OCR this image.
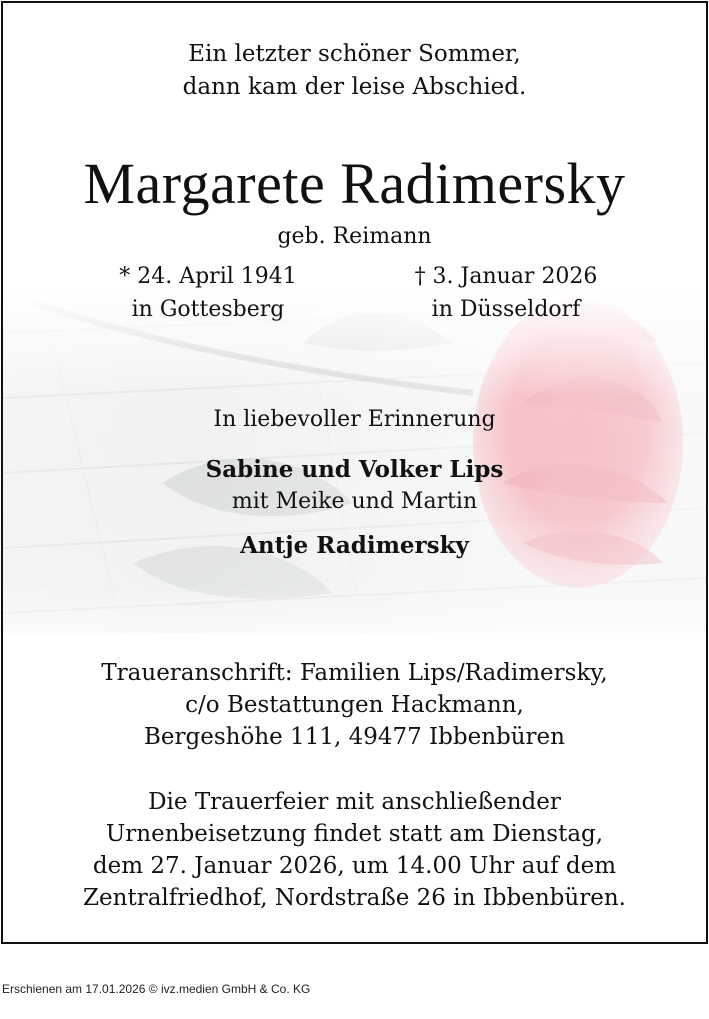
Ein letzter schöner Sommer,
dann kam der leise Abschied.
Margarete Radimersky
geb. Reimann
* 24. April 1941
in Gottesberg
† 3. Januar 2026
in Düsseldorf
In liebevoller Erinnerung
Sabine und Volker Lips
mit Meike und Martin
Antje Radimersky
Traueranschrift: Familien Lips/Radimersky,
c/o Bestattungen Hackmann,
Bergeshöhe 111, 49477 Ibbenbüren
Die Trauerfeier mit anschließender
Urnenbeisetzung findet statt am Dienstag,
dem 27. Januar 2026, um 14.00 Uhr auf dem
Zentralfriedhof, Nordstraße 26 in Ibbenbüren.
Erschienen am 17.01.2026 © ivz.medien GmbH & Co. KG
